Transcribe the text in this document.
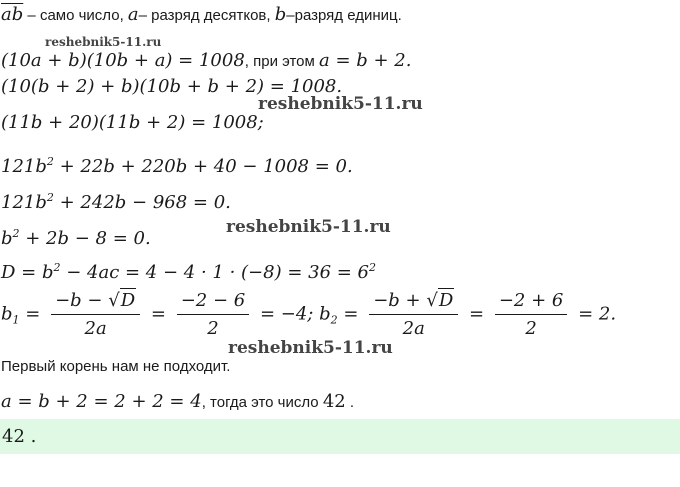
$\overline{ab}$ – само число, a– разряд десятков, b–разряд единиц.
reshebnik5-11.ru
(10a + b)(10b + a) = 1008, при этом a = b + 2.
(10(b + 2) + b)(10b + b + 2) = 1008.
reshebnik5-11.ru
(11b + 20)(11b + 2) = 1008;
$121b^2 + 22b + 220b + 40 - 1008 = 0$.
$121b^2 + 242b - 968 = 0$.
reshebnik5-11.ru
$b^2 + 2b - 8 = 0$.
$D = b^2 - 4ac = 4 - 4 \cdot 1 \cdot (-8) = 36 = 6^2$
$b_1 = \frac{-b - √D}{2a} = \frac{-2 - 6}{2} = -4$; $b_2 = \frac{-b + √D}{2a} = \frac{-2 + 6}{2} = 2$.
reshebnik5-11.ru
Первый корень нам не подходит.
a = b + 2 = 2 + 2 = 4, тогда это число 42 .
42 .
